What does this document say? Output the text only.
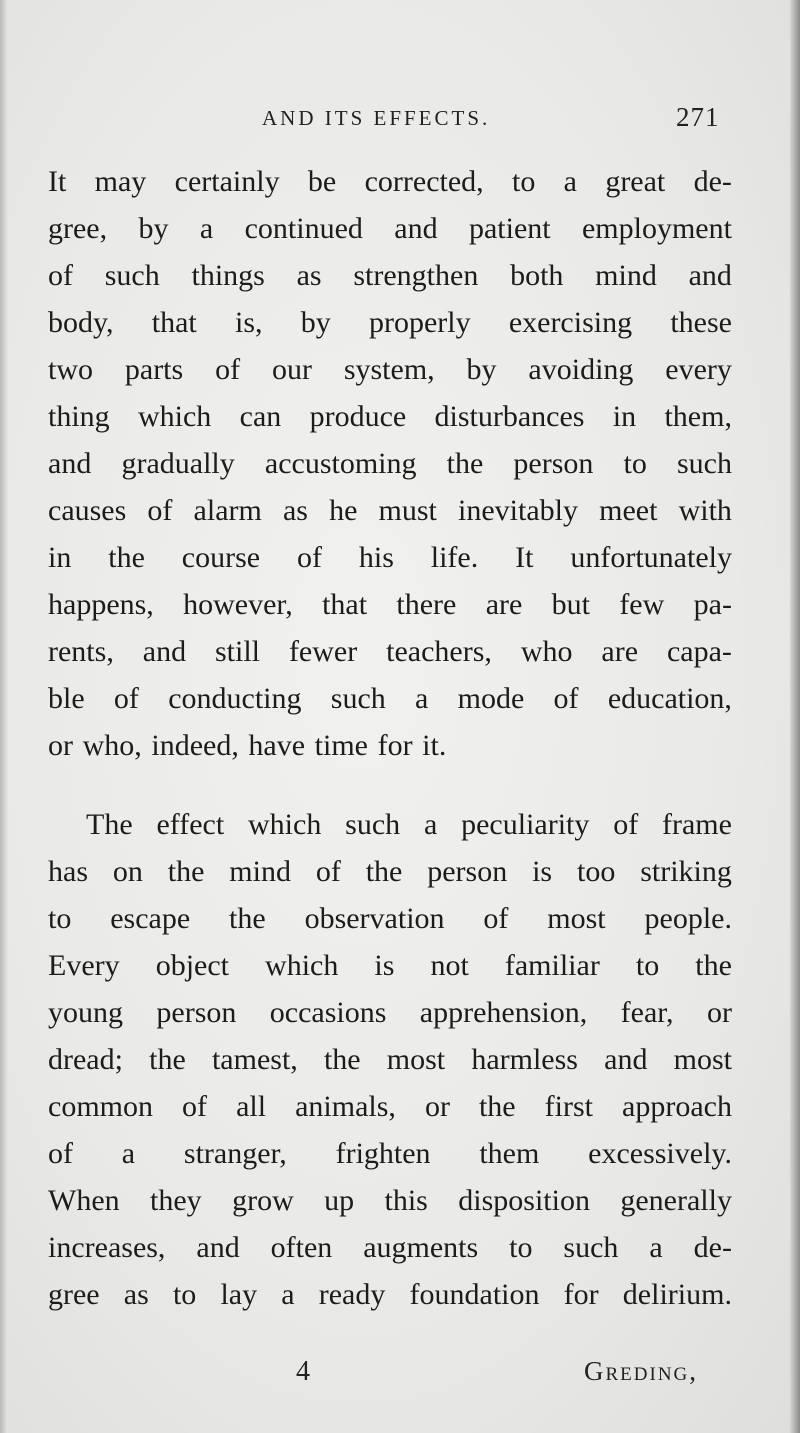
AND ITS EFFECTS.	271
It may certainly be corrected, to a great de-
gree, by a continued and patient employment
of such things as strengthen both mind and
body, that is, by properly exercising these
two parts of our system, by avoiding every
thing which can produce disturbances in them,
and gradually accustoming the person to such
causes of alarm as he must inevitably meet with
in the course of his life. It unfortunately
happens, however, that there are but few pa-
rents, and still fewer teachers, who are capa-
ble of conducting such a mode of education,
or who, indeed, have time for it.
The effect which such a peculiarity of frame
has on the mind of the person is too striking
to escape the observation of most people.
Every object which is not familiar to the
young person occasions apprehension, fear, or
dread; the tamest, the most harmless and most
common of all animals, or the first approach
of a stranger, frighten them excessively.
When they grow up this disposition generally
increases, and often augments to such a de-
gree as to lay a ready foundation for delirium.
4	Greding,
